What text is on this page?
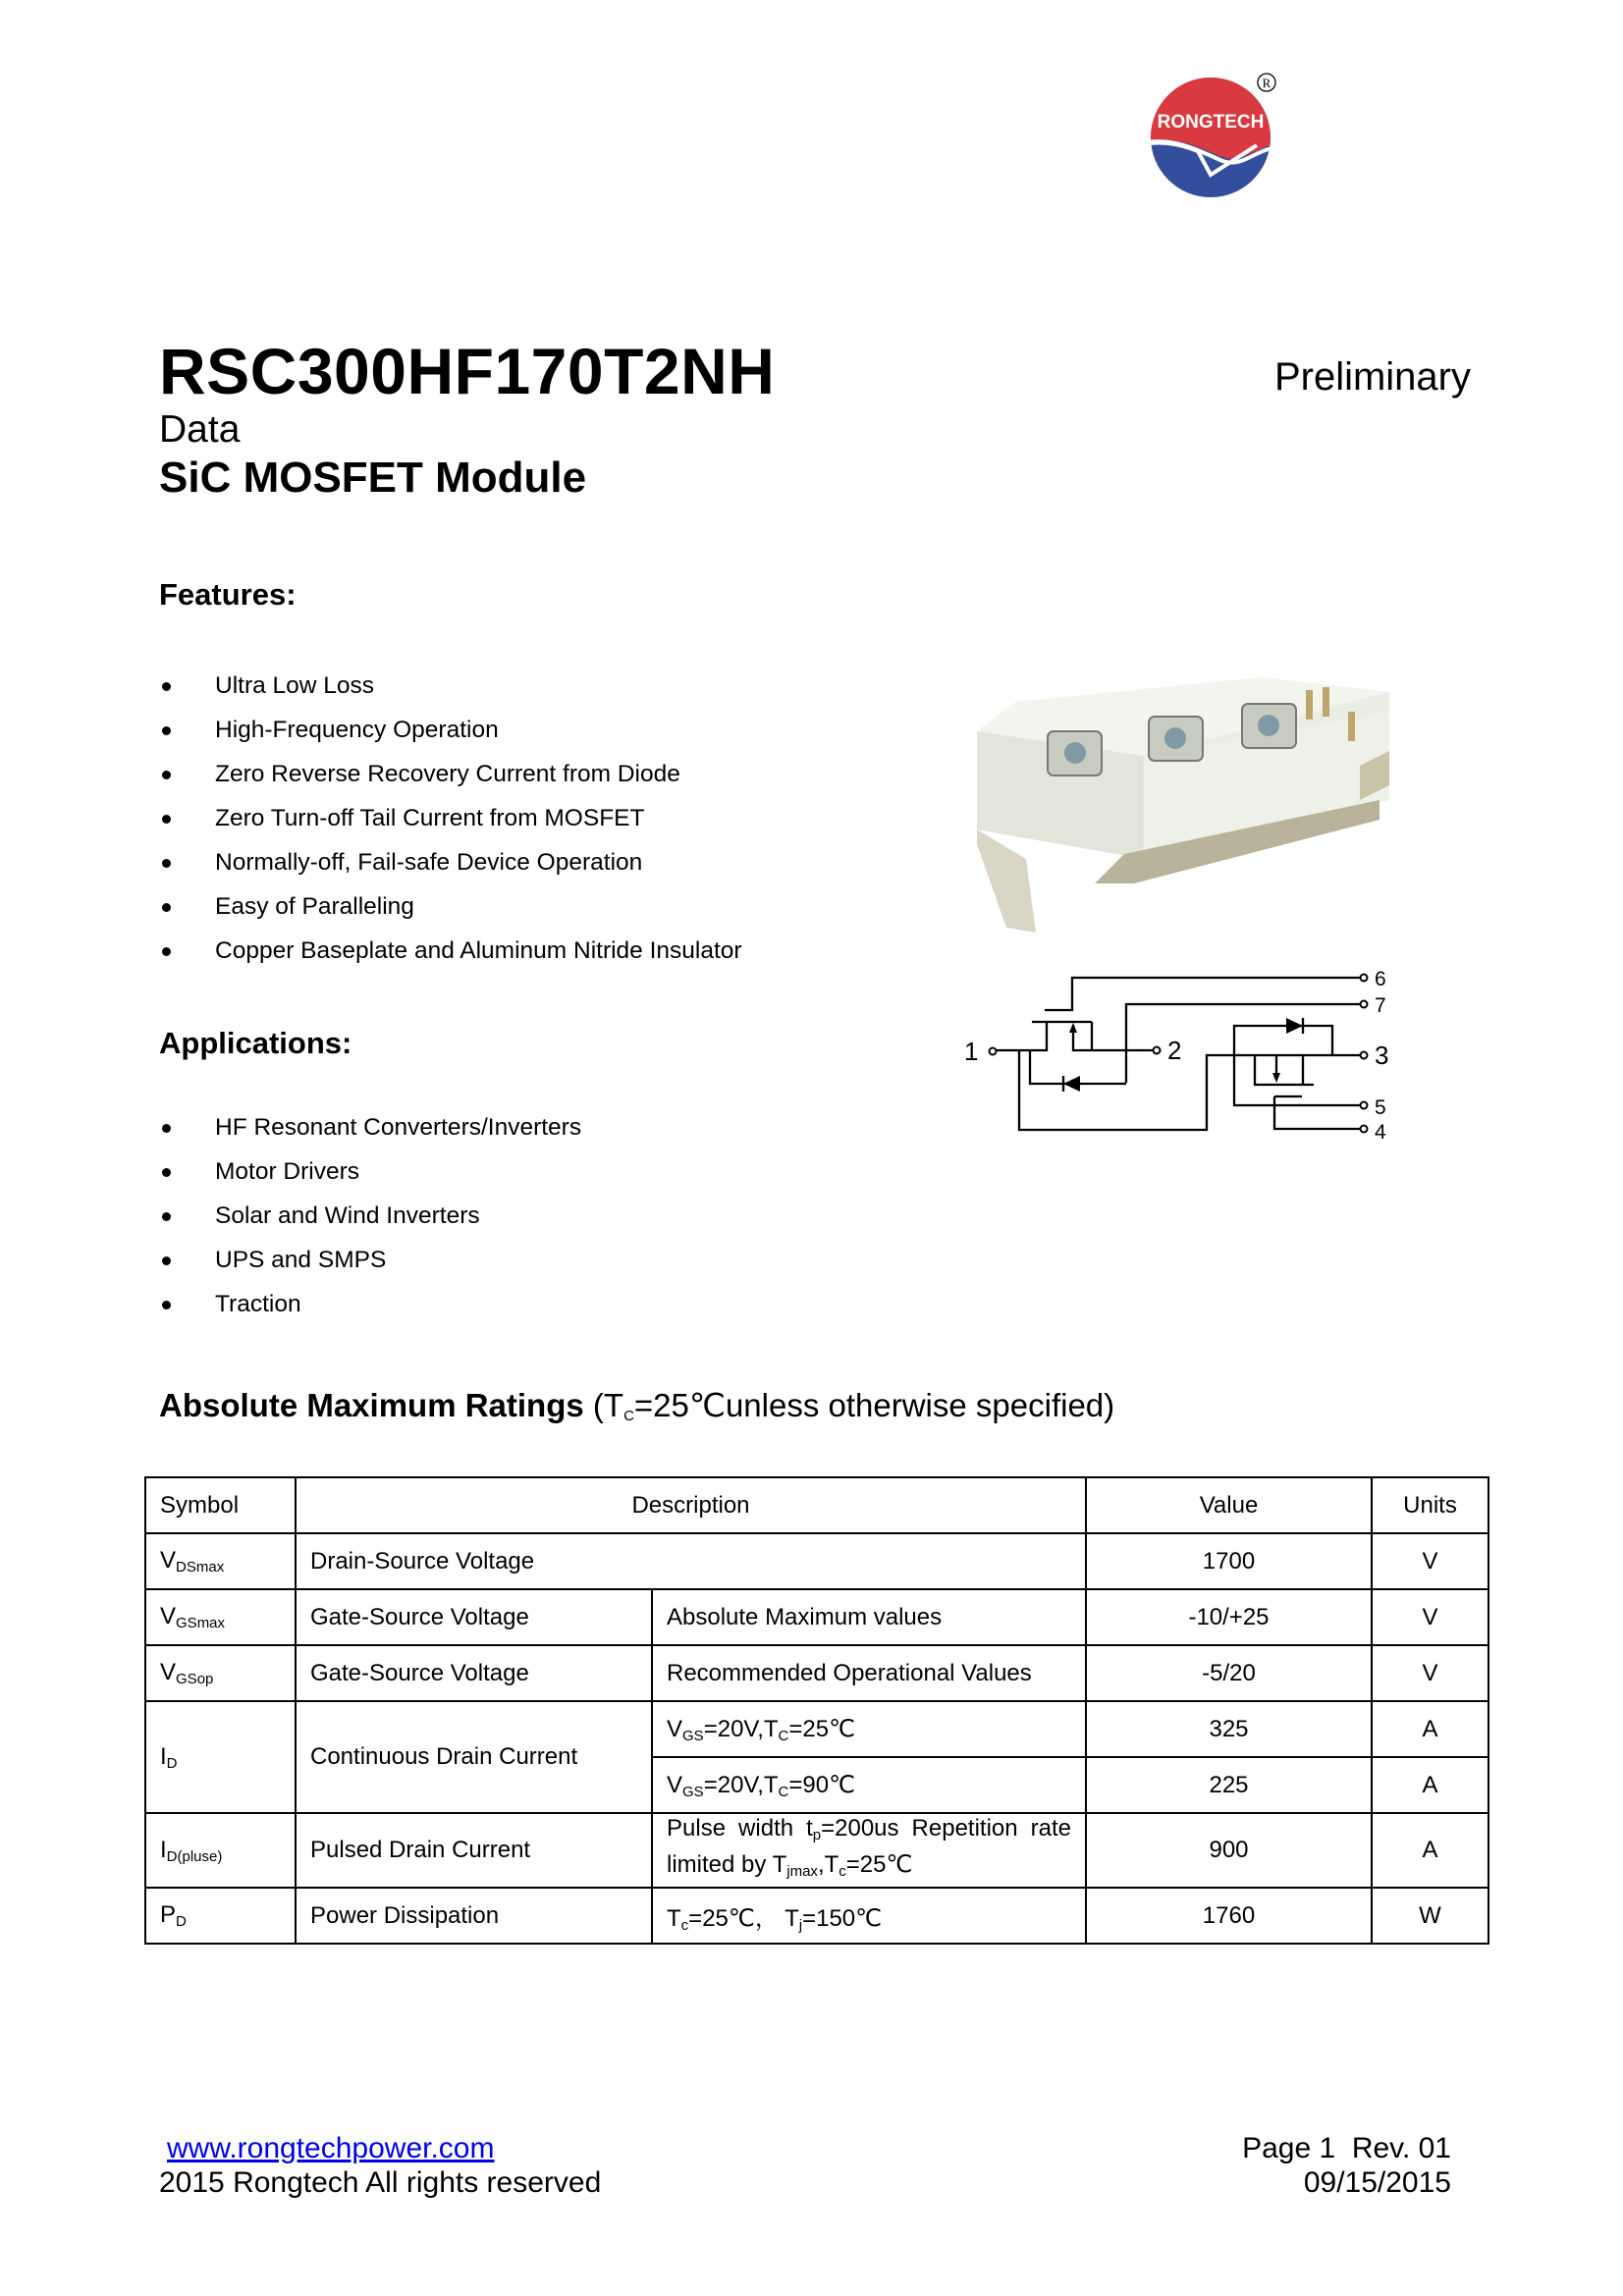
RONGTECH
R
RSC300HF170T2NH	Preliminary
Data
SiC MOSFET Module
Features:
Ultra Low Loss
High-Frequency Operation
Zero Reverse Recovery Current from Diode
Zero Turn-off Tail Current from MOSFET
Normally-off, Fail-safe Device Operation
Easy of Paralleling
Copper Baseplate and Aluminum Nitride Insulator
Applications:
HF Resonant Converters/Inverters
Motor Drivers
Solar and Wind Inverters
UPS and SMPS
Traction
1	2	3
4
5
6
7
Absolute Maximum Ratings ($T_C=25℃unless$ otherwise specified)
Symbol	Description		Value	Units
$V_{DSmax}$	Drain-Source Voltage		1700	V
$V_{GSmax}$	Gate-Source Voltage	Absolute Maximum values	-10/+25	V
$V_{GSop}$	Gate-Source Voltage	Recommended Operational Values	-5/20	V
$I_D$	Continuous Drain Current	$V_{GS}=20V,T_C=25℃$	325	A
		$V_{GS}=20V,T_C=90℃$	225	A
$I_{D(pluse)}$	Pulsed Drain Current	Pulse width $t_p=200us$ Repetition rate limited by $T_{jmax},T_c=25℃$	900	A
$P_D$	Power Dissipation	$T_c=25℃$， $T_j=150℃$	1760	W
www.rongtechpower.com
2015 Rongtech All rights reserved
Page 1  Rev. 01
09/15/2015
